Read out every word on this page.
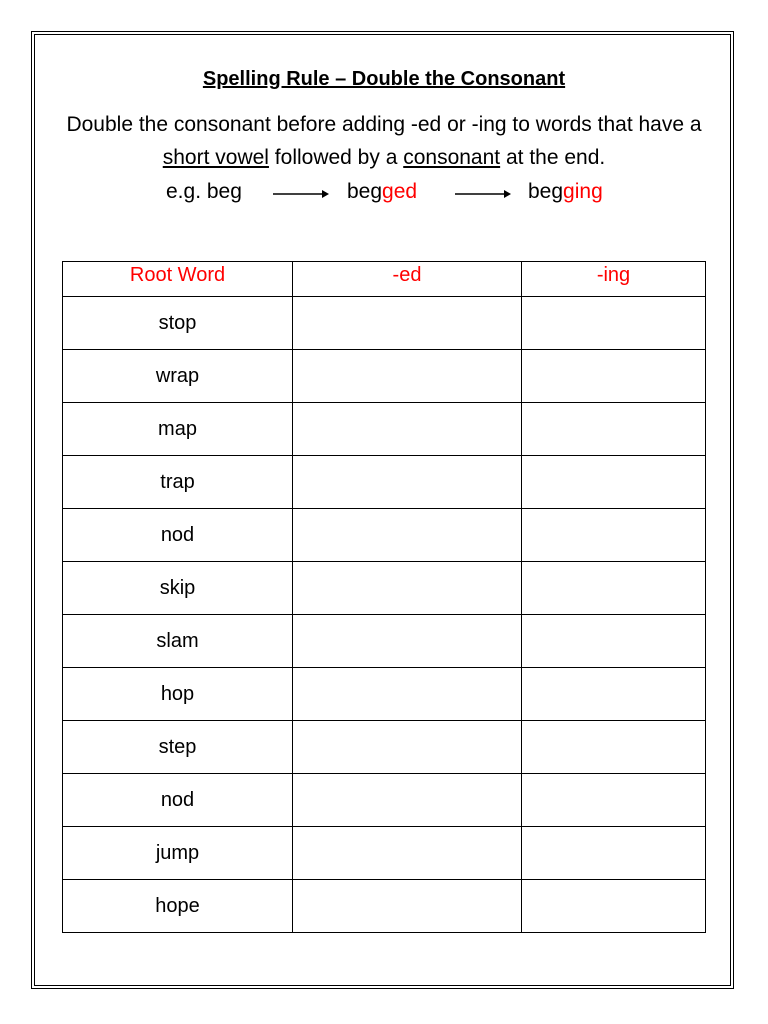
Spelling Rule – Double the Consonant
Double the consonant before adding -ed or -ing to words that have a short vowel followed by a consonant at the end.
e.g. beg	begged	begging
Root Word	-ed	-ing
stop		
wrap		
map		
trap		
nod		
skip		
slam		
hop		
step		
nod		
jump		
hope		
